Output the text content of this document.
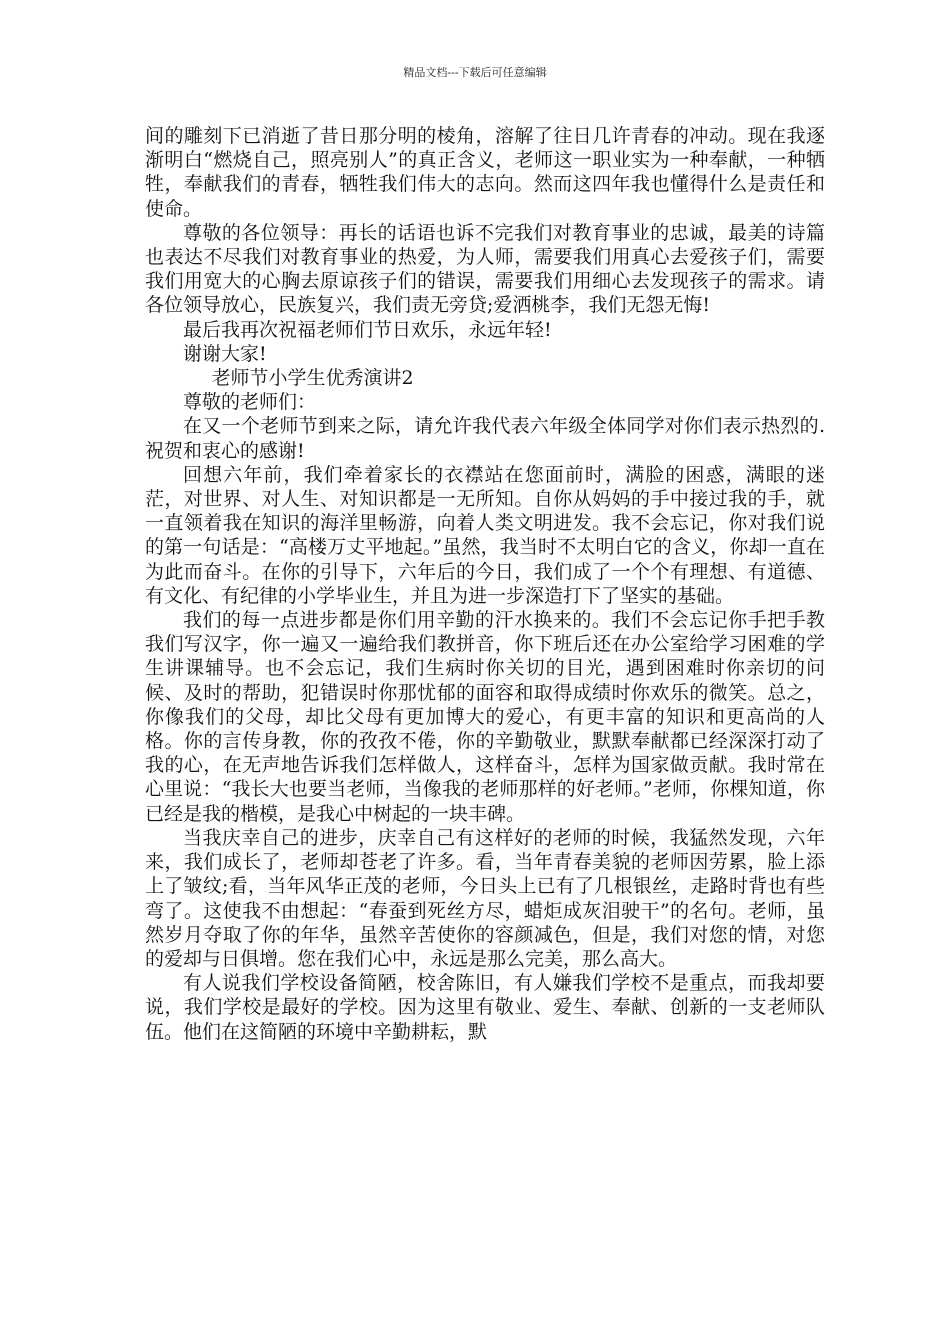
精品文档---下载后可任意编辑

间的雕刻下已消逝了昔日那分明的棱角，溶解了往日几许青春的冲动。现在我逐渐明白“燃烧自己，照亮别人”的真正含义，老师这一职业实为一种奉献，一种牺牲，奉献我们的青春，牺牲我们伟大的志向。然而这四年我也懂得什么是责任和使命。

尊敬的各位领导：再长的话语也诉不完我们对教育事业的忠诚，最美的诗篇也表达不尽我们对教育事业的热爱，为人师，需要我们用真心去爱孩子们，需要我们用宽大的心胸去原谅孩子们的错误，需要我们用细心去发现孩子的需求。请各位领导放心，民族复兴，我们责无旁贷;爱洒桃李，我们无怨无悔!

最后我再次祝福老师们节日欢乐，永远年轻!

谢谢大家!

老师节小学生优秀演讲2

尊敬的老师们：

在又一个老师节到来之际，请允许我代表六年级全体同学对你们表示热烈的.祝贺和衷心的感谢!

回想六年前，我们牵着家长的衣襟站在您面前时，满脸的困惑，满眼的迷茫，对世界、对人生、对知识都是一无所知。自你从妈妈的手中接过我的手，就一直领着我在知识的海洋里畅游，向着人类文明进发。我不会忘记，你对我们说的第一句话是：“高楼万丈平地起。”虽然，我当时不太明白它的含义，你却一直在为此而奋斗。在你的引导下，六年后的今日，我们成了一个个有理想、有道德、有文化、有纪律的小学毕业生，并且为进一步深造打下了坚实的基础。

我们的每一点进步都是你们用辛勤的汗水换来的。我们不会忘记你手把手教我们写汉字，你一遍又一遍给我们教拼音，你下班后还在办公室给学习困难的学生讲课辅导。也不会忘记，我们生病时你关切的目光，遇到困难时你亲切的问候、及时的帮助，犯错误时你那忧郁的面容和取得成绩时你欢乐的微笑。总之，你像我们的父母，却比父母有更加博大的爱心，有更丰富的知识和更高尚的人格。你的言传身教，你的孜孜不倦，你的辛勤敬业，默默奉献都已经深深打动了我的心，在无声地告诉我们怎样做人，这样奋斗，怎样为国家做贡献。我时常在心里说：“我长大也要当老师，当像我的老师那样的好老师。”老师，你棵知道，你已经是我的楷模，是我心中树起的一块丰碑。

当我庆幸自己的进步，庆幸自己有这样好的老师的时候，我猛然发现，六年来，我们成长了，老师却苍老了许多。看，当年青春美貌的老师因劳累，脸上添上了皱纹;看，当年风华正茂的老师，今日头上已有了几根银丝，走路时背也有些弯了。这使我不由想起：“春蚕到死丝方尽，蜡炬成灰泪驶干”的名句。老师，虽然岁月夺取了你的年华，虽然辛苦使你的容颜减色，但是，我们对您的情，对您的爱却与日俱增。您在我们心中，永远是那么完美，那么高大。

有人说我们学校设备简陋，校舍陈旧，有人嫌我们学校不是重点，而我却要说，我们学校是最好的学校。因为这里有敬业、爱生、奉献、创新的一支老师队伍。他们在这简陋的环境中辛勤耕耘，默
